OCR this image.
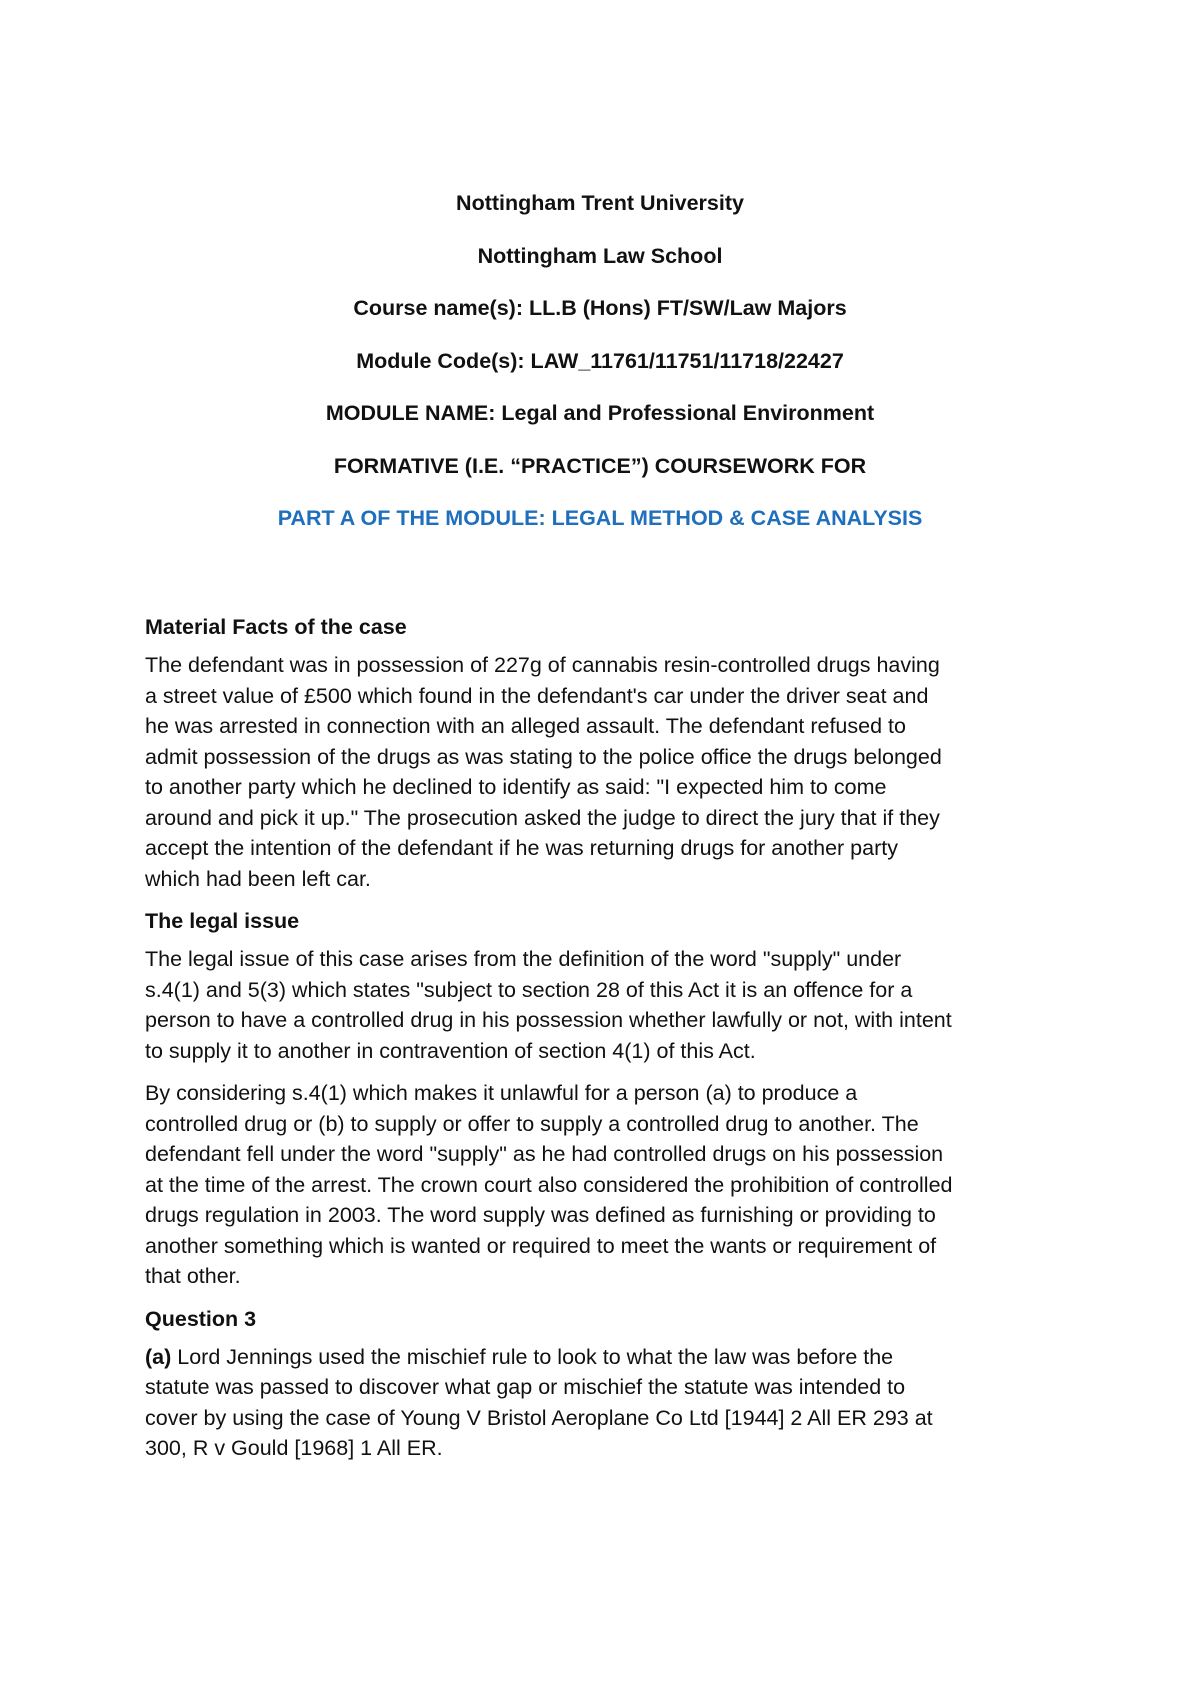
Nottingham Trent University
Nottingham Law School
Course name(s): LL.B (Hons) FT/SW/Law Majors
Module Code(s): LAW_11761/11751/11718/22427
MODULE NAME: Legal and Professional Environment
FORMATIVE (I.E. “PRACTICE”) COURSEWORK FOR
PART A OF THE MODULE: LEGAL METHOD & CASE ANALYSIS
Material Facts of the case
The defendant was in possession of 227g of cannabis resin-controlled drugs having
a street value of £500 which found in the defendant's car under the driver seat and
he was arrested in connection with an alleged assault. The defendant refused to
admit possession of the drugs as was stating to the police office the drugs belonged
to another party which he declined to identify as said: "I expected him to come
around and pick it up." The prosecution asked the judge to direct the jury that if they
accept the intention of the defendant if he was returning drugs for another party
which had been left car.
The legal issue
The legal issue of this case arises from the definition of the word "supply" under
s.4(1) and 5(3) which states "subject to section 28 of this Act it is an offence for a
person to have a controlled drug in his possession whether lawfully or not, with intent
to supply it to another in contravention of section 4(1) of this Act.
By considering s.4(1) which makes it unlawful for a person (a) to produce a
controlled drug or (b) to supply or offer to supply a controlled drug to another. The
defendant fell under the word "supply" as he had controlled drugs on his possession
at the time of the arrest. The crown court also considered the prohibition of controlled
drugs regulation in 2003. The word supply was defined as furnishing or providing to
another something which is wanted or required to meet the wants or requirement of
that other.
Question 3
(a) Lord Jennings used the mischief rule to look to what the law was before the
statute was passed to discover what gap or mischief the statute was intended to
cover by using the case of Young V Bristol Aeroplane Co Ltd [1944] 2 All ER 293 at
300, R v Gould [1968] 1 All ER.
